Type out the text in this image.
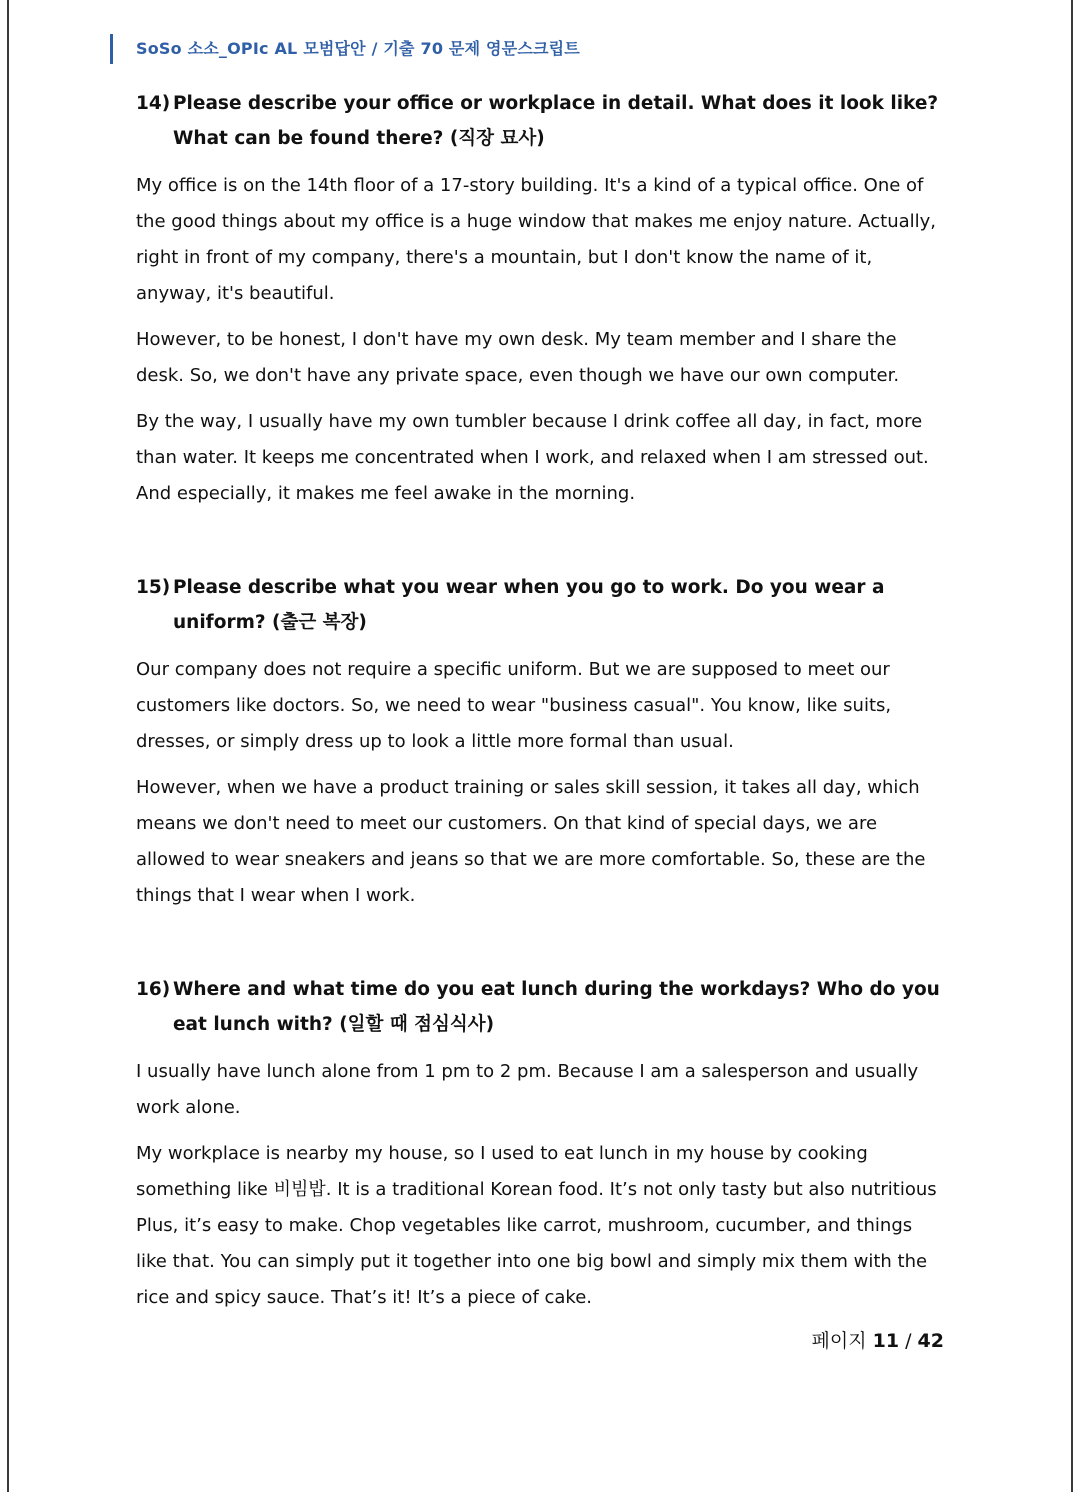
SoSo 소소_OPIc AL 모범답안 / 기출 70 문제 영문스크립트
14) Please describe your office or workplace in detail. What does it look like? What can be found there? (직장 묘사)

My office is on the 14th floor of a 17-story building. It's a kind of a typical office. One of the good things about my office is a huge window that makes me enjoy nature. Actually, right in front of my company, there's a mountain, but I don't know the name of it, anyway, it's beautiful.

However, to be honest, I don't have my own desk. My team member and I share the desk. So, we don't have any private space, even though we have our own computer.

By the way, I usually have my own tumbler because I drink coffee all day, in fact, more than water. It keeps me concentrated when I work, and relaxed when I am stressed out. And especially, it makes me feel awake in the morning.

15) Please describe what you wear when you go to work. Do you wear a uniform? (출근 복장)

Our company does not require a specific uniform. But we are supposed to meet our customers like doctors. So, we need to wear "business casual". You know, like suits, dresses, or simply dress up to look a little more formal than usual.

However, when we have a product training or sales skill session, it takes all day, which means we don't need to meet our customers. On that kind of special days, we are allowed to wear sneakers and jeans so that we are more comfortable. So, these are the things that I wear when I work.

16) Where and what time do you eat lunch during the workdays? Who do you eat lunch with? (일할 때 점심식사)

I usually have lunch alone from 1 pm to 2 pm. Because I am a salesperson and usually work alone.

My workplace is nearby my house, so I used to eat lunch in my house by cooking something like 비빔밥. It is a traditional Korean food. It’s not only tasty but also nutritious Plus, it’s easy to make. Chop vegetables like carrot, mushroom, cucumber, and things like that. You can simply put it together into one big bowl and simply mix them with the rice and spicy sauce. That’s it! It’s a piece of cake.

페이지 11 / 42
